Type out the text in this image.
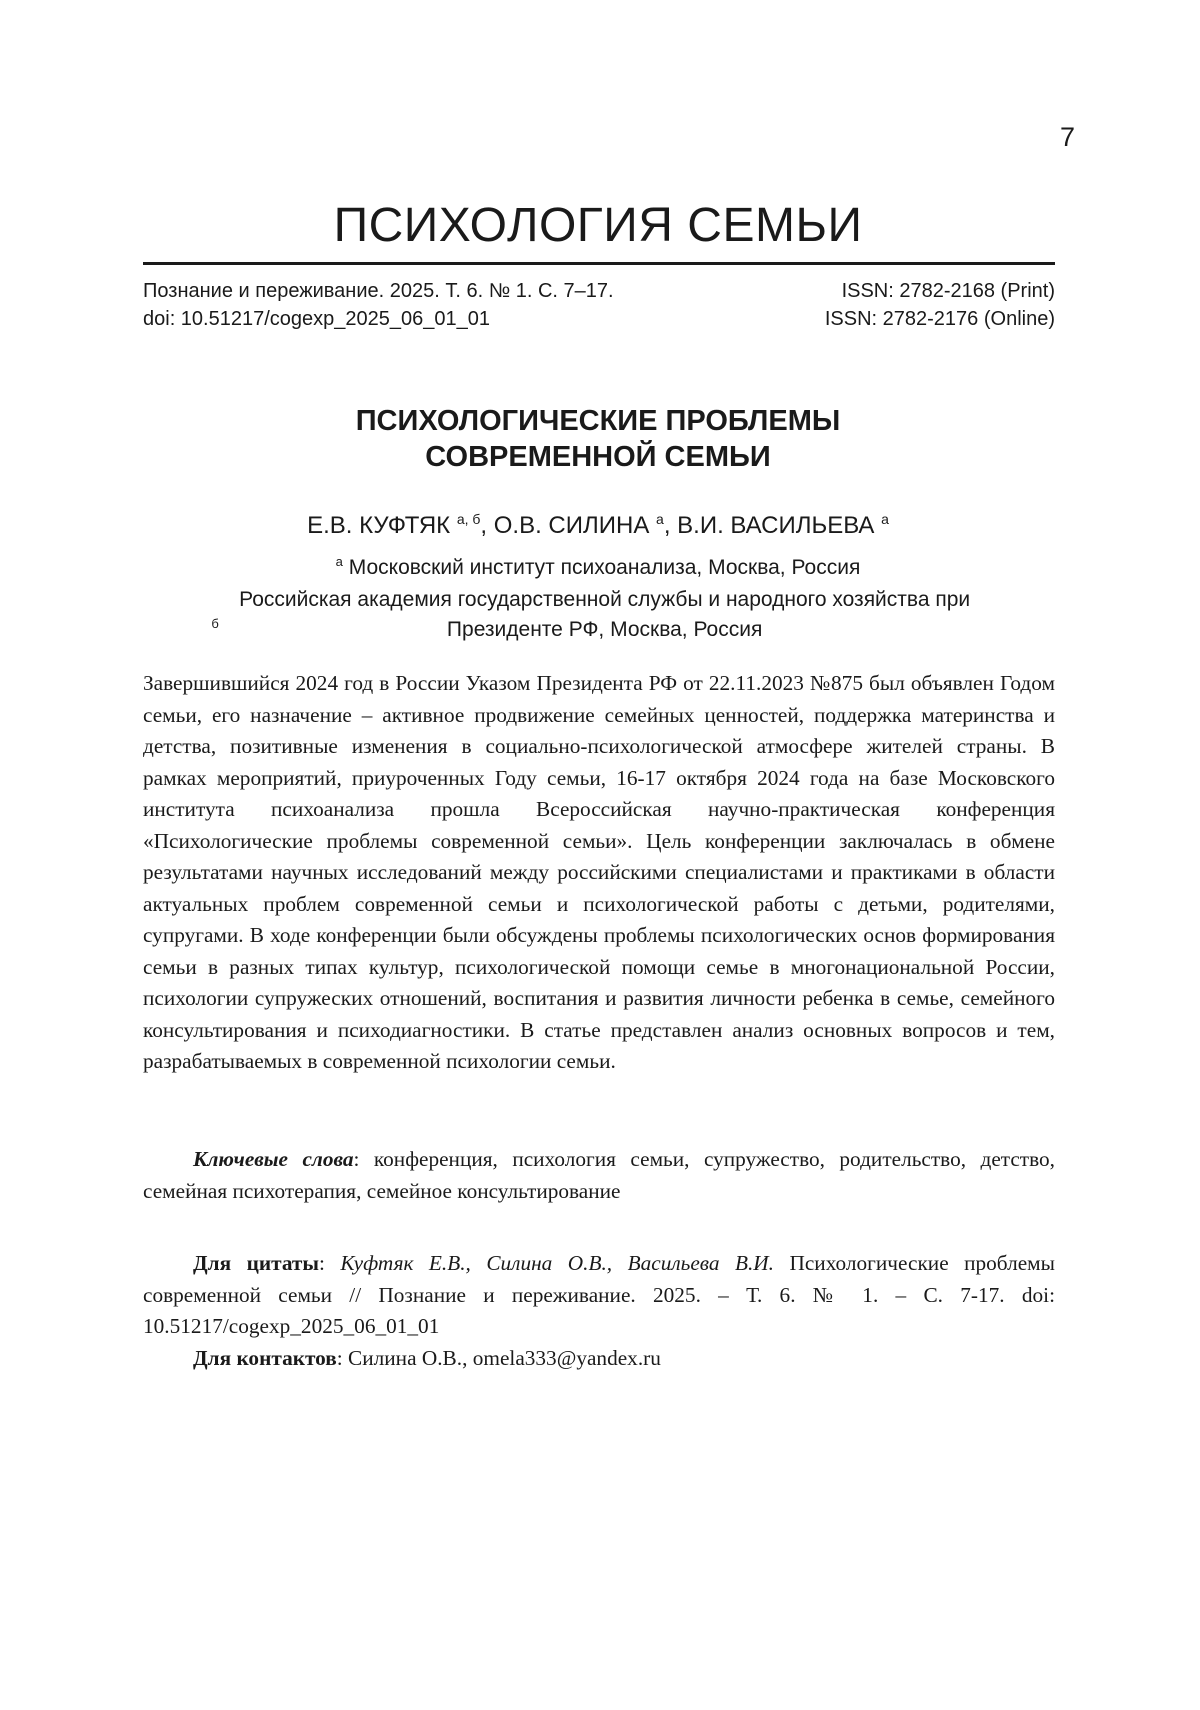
7
ПСИХОЛОГИЯ СЕМЬИ
Познание и переживание. 2025. Т. 6. № 1. С. 7–17.	ISSN: 2782-2168 (Print)
doi: 10.51217/cogexp_2025_06_01_01	ISSN: 2782-2176 (Online)
ПСИХОЛОГИЧЕСКИЕ ПРОБЛЕМЫ
СОВРЕМЕННОЙ СЕМЬИ
Е.В. КУФТЯК $^{а, б}$, О.В. СИЛИНА $^а$, В.И. ВАСИЛЬЕВА $^а$
$^а$ Московский институт психоанализа, Москва, Россия
$^б$ Российская академия государственной службы и народного хозяйства при Президенте РФ, Москва, Россия

Завершившийся 2024 год в России Указом Президента РФ от 22.11.2023 №875 был объявлен Годом семьи, его назначение – активное продвижение семейных ценностей, поддержка материнства и детства, позитивные изменения в социально-психологической атмосфере жителей страны. В рамках мероприятий, приуроченных Году семьи, 16-17 октября 2024 года на базе Московского института психоанализа прошла Всероссийская научно-практическая конференция «Психологические проблемы современной семьи». Цель конференции заключалась в обмене результатами научных исследований между российскими специалистами и практиками в области актуальных проблем современной семьи и психологической работы с детьми, родителями, супругами. В ходе конференции были обсуждены проблемы психологических основ формирования семьи в разных типах культур, психологической помощи семье в многонациональной России, психологии супружеских отношений, воспитания и развития личности ребенка в семье, семейного консультирования и психодиагностики. В статье представлен анализ основных вопросов и тем, разрабатываемых в современной психологии семьи.

Ключевые слова: конференция, психология семьи, супружество, родительство, детство, семейная психотерапия, семейное консультирование

Для цитаты: Куфтяк Е.В., Силина О.В., Васильева В.И. Психологические проблемы современной семьи // Познание и переживание. 2025. – Т. 6. № 1. – С. 7-17. doi: 10.51217/cogexp_2025_06_01_01

Для контактов: Силина О.В., omela333@yandex.ru
